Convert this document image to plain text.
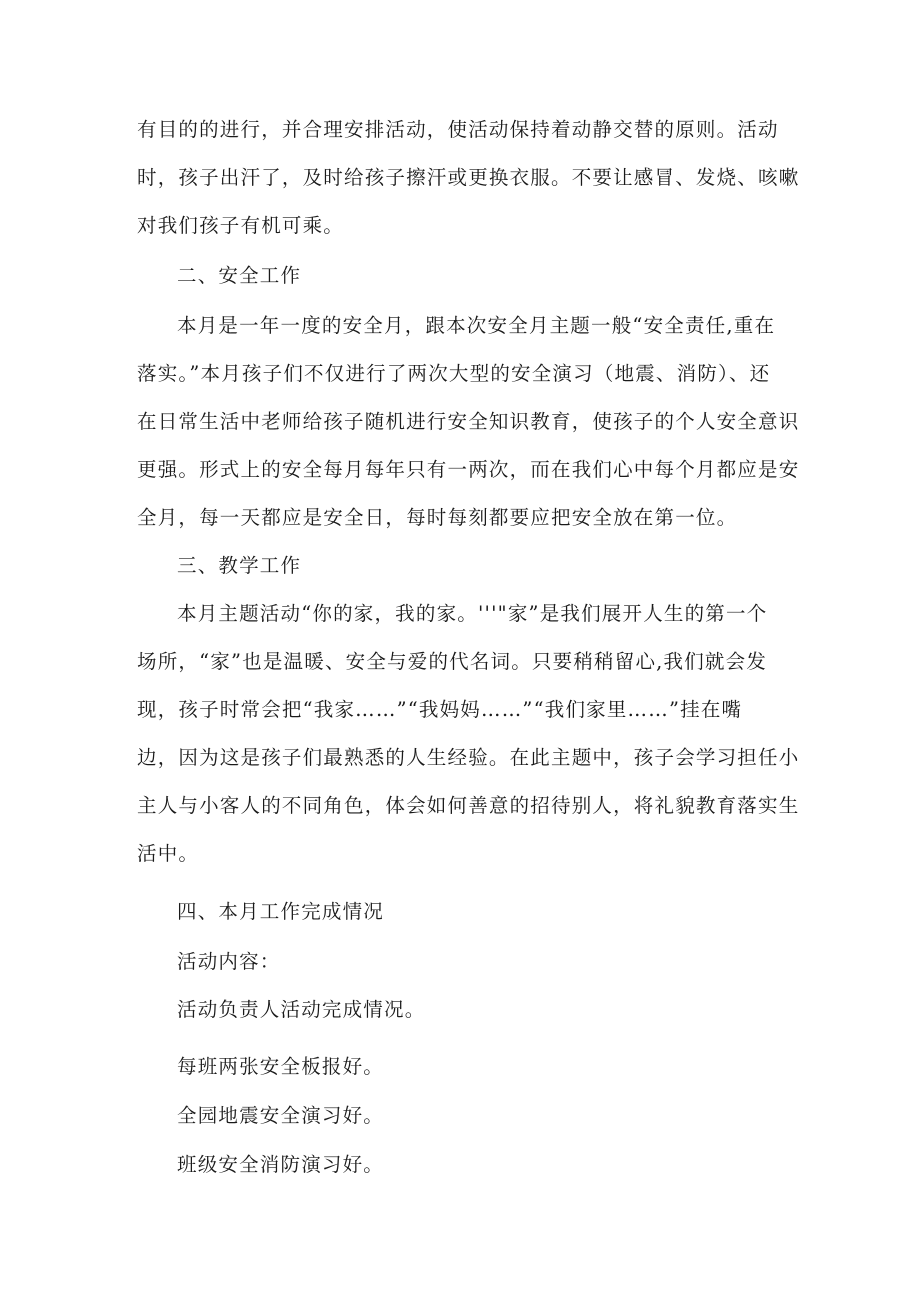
有目的的进行，并合理安排活动，使活动保持着动静交替的原则。活动
时，孩子出汗了，及时给孩子擦汗或更换衣服。不要让感冒、发烧、咳嗽
对我们孩子有机可乘。
二、安全工作
本月是一年一度的安全月，跟本次安全月主题一般“安全责任,重在
落实。”本月孩子们不仅进行了两次大型的安全演习（地震、消防）、还
在日常生活中老师给孩子随机进行安全知识教育，使孩子的个人安全意识
更强。形式上的安全每月每年只有一两次，而在我们心中每个月都应是安
全月，每一天都应是安全日，每时每刻都要应把安全放在第一位。
三、教学工作
本月主题活动“你的家，我的家。'''"家”是我们展开人生的第一个
场所，“家”也是温暖、安全与爱的代名词。只要稍稍留心,我们就会发
现，孩子时常会把“我家……”“我妈妈……”“我们家里……”挂在嘴
边，因为这是孩子们最熟悉的人生经验。在此主题中，孩子会学习担任小
主人与小客人的不同角色，体会如何善意的招待别人，将礼貌教育落实生
活中。
四、本月工作完成情况
活动内容：
活动负责人活动完成情况。
每班两张安全板报好。
全园地震安全演习好。
班级安全消防演习好。
